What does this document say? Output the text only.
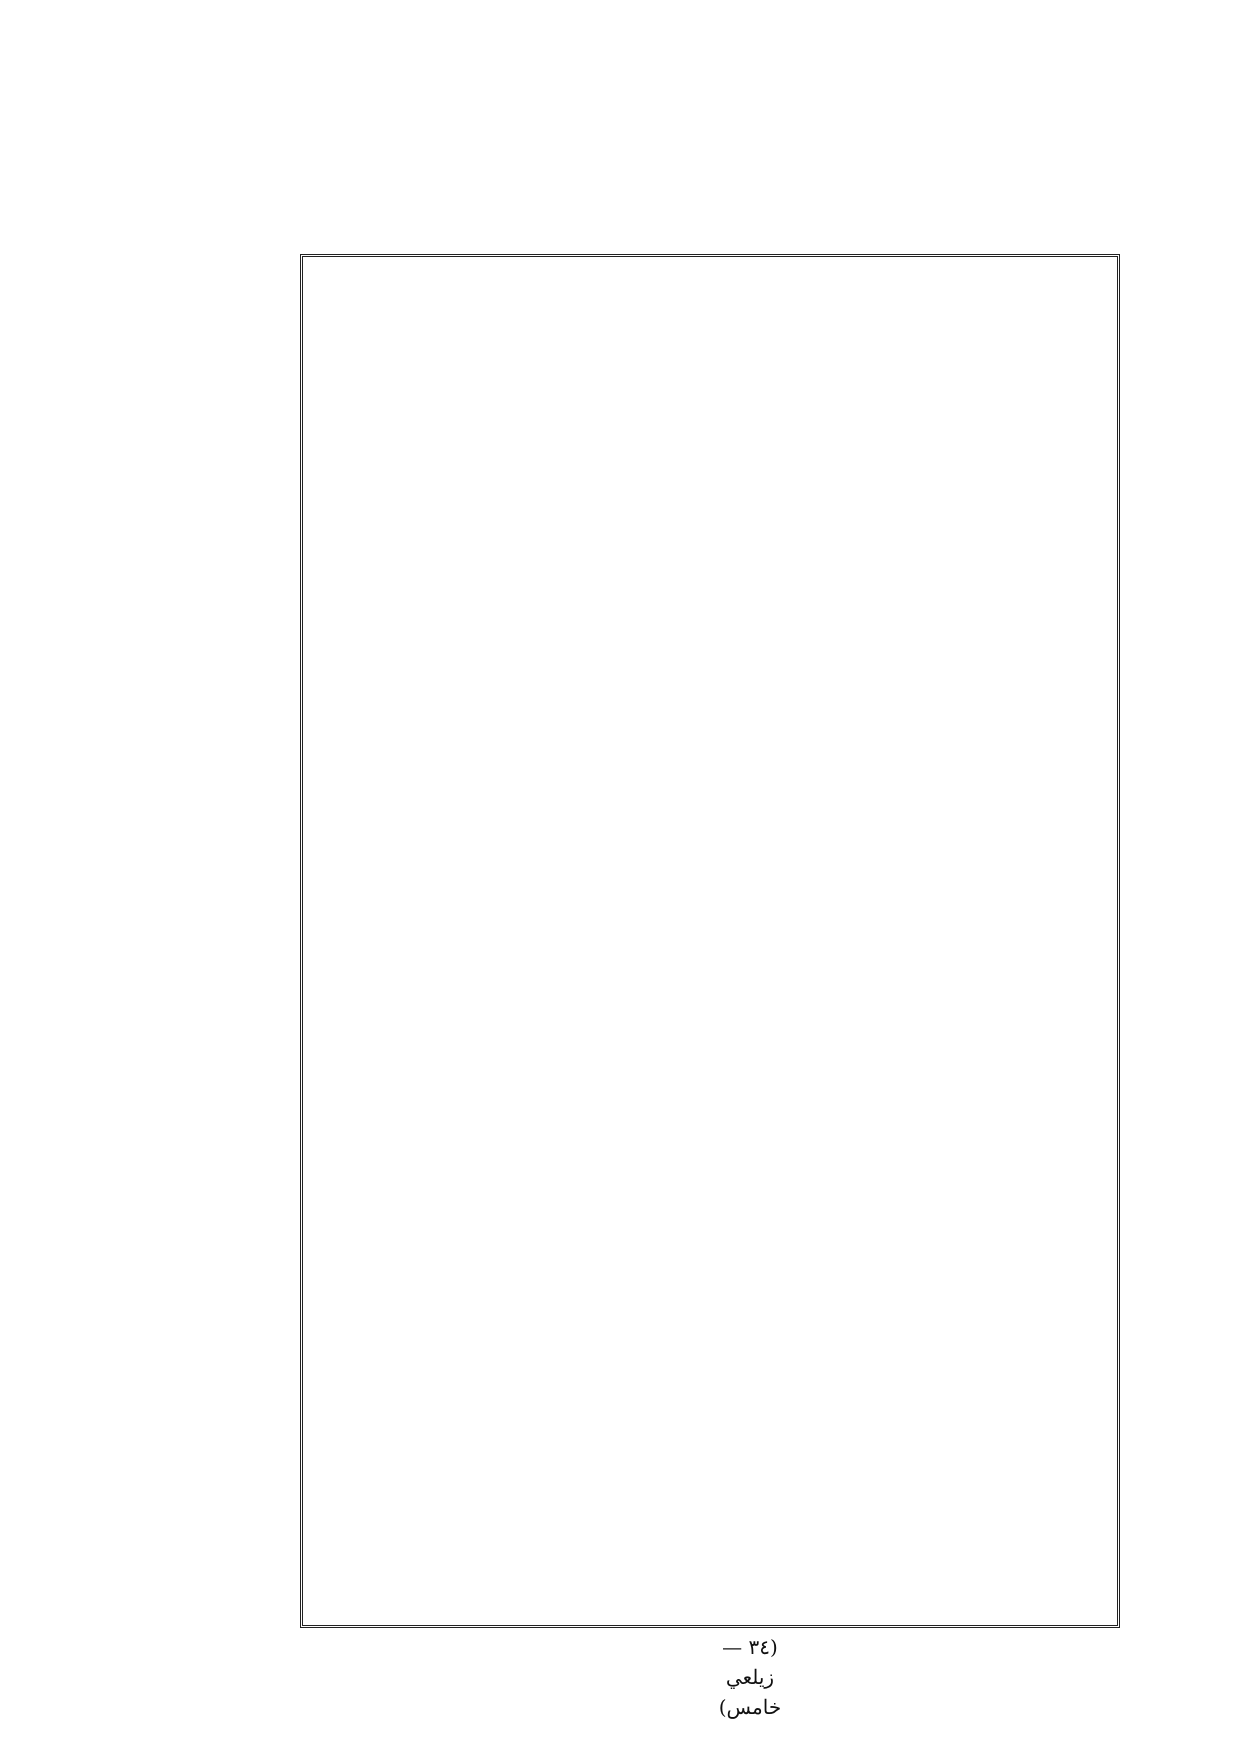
(٣٤ — زيلعي خامس)
